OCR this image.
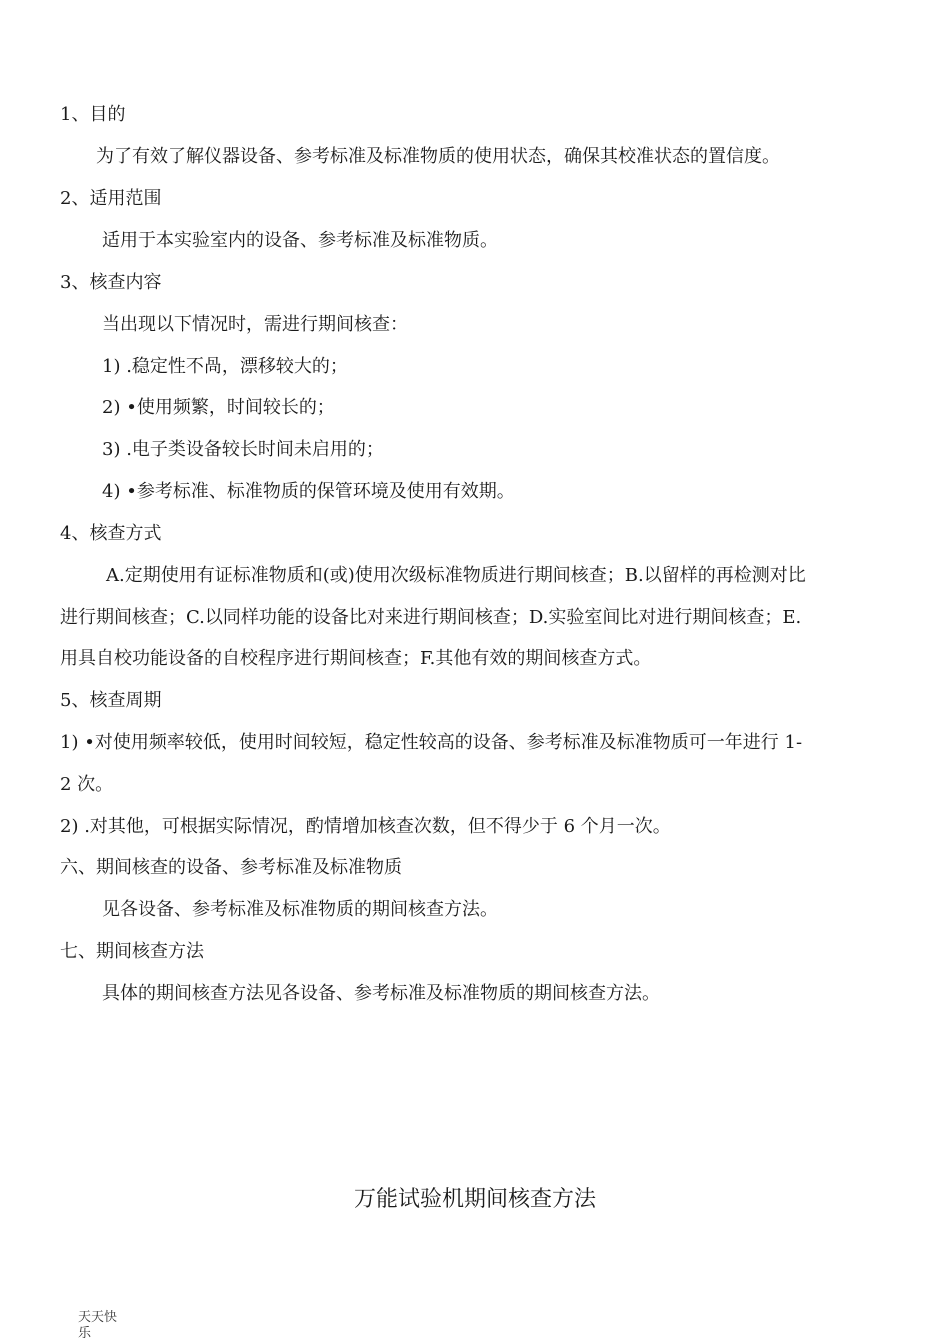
1、目的
为了有效了解仪器设备、参考标准及标准物质的使用状态，确保其校准状态的置信度。
2、适用范围
适用于本实验室内的设备、参考标准及标准物质。
3、核查内容
当出现以下情况时，需进行期间核查：
1) .稳定性不咼，漂移较大的；
2) •使用频繁，时间较长的；
3) .电子类设备较长时间未启用的；
4) •参考标准、标准物质的保管环境及使用有效期。
4、核查方式
A.定期使用有证标准物质和(或)使用次级标准物质进行期间核查；B.以留样的再检测对比
进行期间核查；C.以同样功能的设备比对来进行期间核查；D.实验室间比对进行期间核查；E.
用具自校功能设备的自校程序进行期间核查；F.其他有效的期间核查方式。
5、核查周期
1) •对使用频率较低，使用时间较短，稳定性较高的设备、参考标准及标准物质可一年进行 1-
2 次。
2) .对其他，可根据实际情况，酌情增加核查次数，但不得少于 6 个月一次。
六、期间核查的设备、参考标准及标准物质
见各设备、参考标准及标准物质的期间核查方法。
七、期间核查方法
具体的期间核查方法见各设备、参考标准及标准物质的期间核查方法。
万能试验机期间核查方法
天天快
乐
